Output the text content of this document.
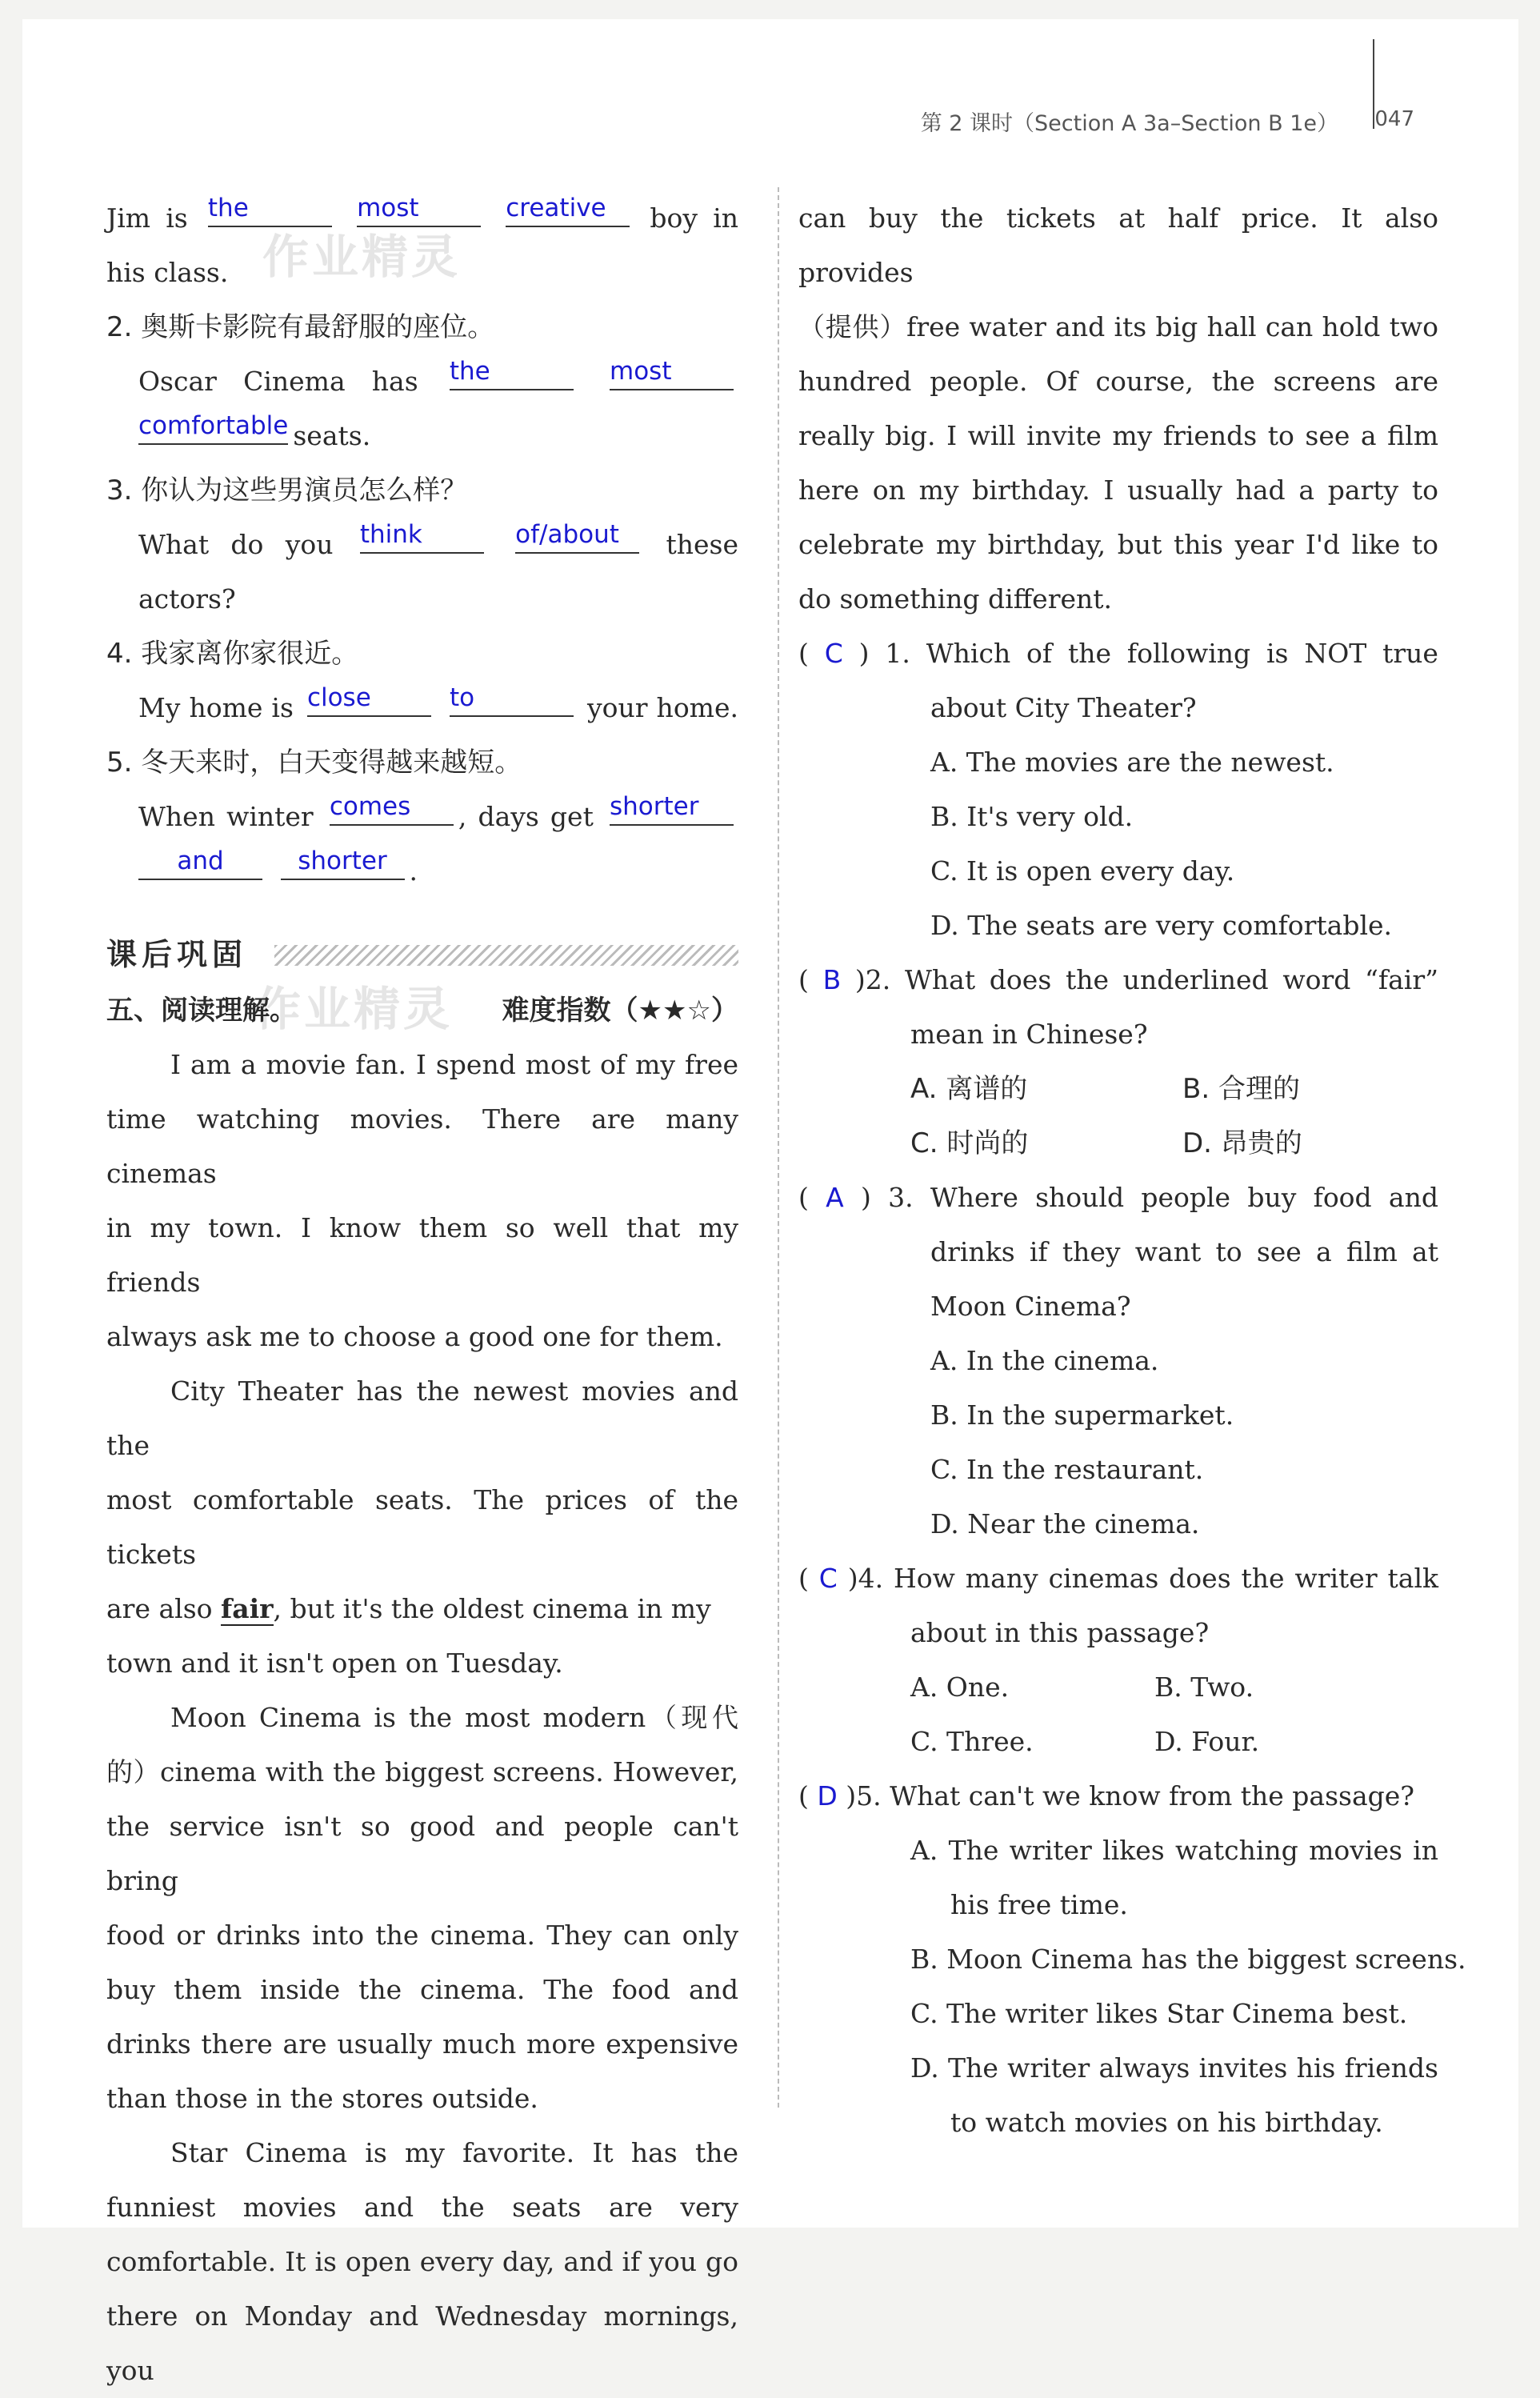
第 2 课时（Section A 3a–Section B 1e） 047
作业精灵
作业精灵
Jim is the	most	creative boy in
his class.
2. 奥斯卡影院有最舒服的座位。
Oscar Cinema has the	most
comfortable seats.
3. 你认为这些男演员怎么样？
What do you think	of/about these
actors?
4. 我家离你家很近。
My home is close	to	your home.
5. 冬天来时，白天变得越来越短。
When winter comes , days get shorter
and	shorter .
课后巩固
五、阅读理解。	难度指数（★★☆）
I am a movie fan. I spend most of my free
time watching movies. There are many cinemas
in my town. I know them so well that my friends
always ask me to choose a good one for them.
City Theater has the newest movies and the
most comfortable seats. The prices of the tickets
are also fair, but it's the oldest cinema in my
town and it isn't open on Tuesday.
Moon Cinema is the most modern（现代
的）cinema with the biggest screens. However,
the service isn't so good and people can't bring
food or drinks into the cinema. They can only
buy them inside the cinema. The food and
drinks there are usually much more expensive
than those in the stores outside.
Star Cinema is my favorite. It has the
funniest movies and the seats are very
comfortable. It is open every day, and if you go
there on Monday and Wednesday mornings, you
can buy the tickets at half price. It also provides
（提供）free water and its big hall can hold two
hundred people. Of course, the screens are
really big. I will invite my friends to see a film
here on my birthday. I usually had a party to
celebrate my birthday, but this year I'd like to
do something different.
( C ) 1. Which of the following is NOT true
about City Theater?
A. The movies are the newest.
B. It's very old.
C. It is open every day.
D. The seats are very comfortable.
( B )2. What does the underlined word “fair”
mean in Chinese?
A. 离谱的	B. 合理的
C. 时尚的	D. 昂贵的
( A ) 3. Where should people buy food and
drinks if they want to see a film at
Moon Cinema?
A. In the cinema.
B. In the supermarket.
C. In the restaurant.
D. Near the cinema.
( C )4. How many cinemas does the writer talk
about in this passage?
A. One.	B. Two.
C. Three.	D. Four.
( D )5. What can't we know from the passage?
A. The writer likes watching movies in
his free time.
B. Moon Cinema has the biggest screens.
C. The writer likes Star Cinema best.
D. The writer always invites his friends
to watch movies on his birthday.
